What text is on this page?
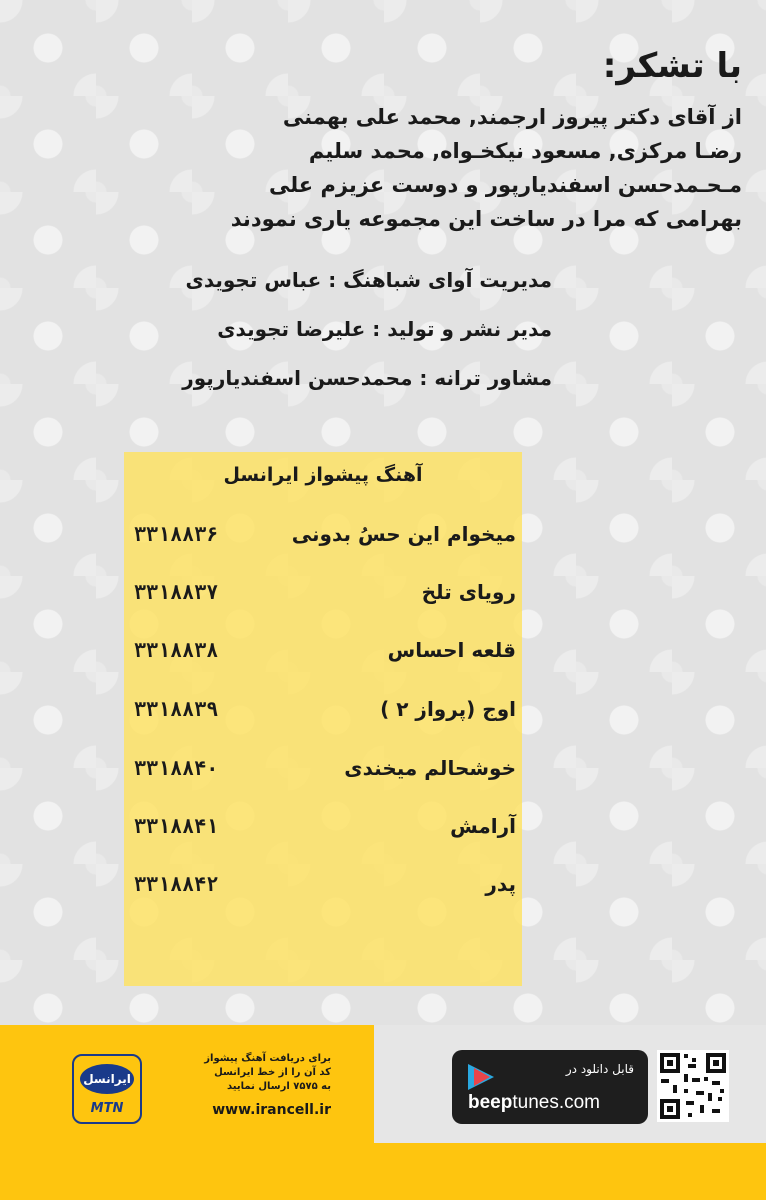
با تشکر:

از آقای دکتر پیروز ارجمند, محمد علی بهمنی

رضـا مرکزی, مسعود نیکخـواه, محمد سلیم

مـحـمدحسن اسفندیارپور و دوست عزیزم علی

بهرامی که مرا در ساخت این مجموعه یاری نمودند

مدیریت آوای شباهنگ : عباس تجویدی
مدیر نشر و تولید : علیرضا تجویدی
مشاور ترانه : محمدحسن اسفندیارپور
آهنگ پیشواز ایرانسل
میخوام این حسُ بدونی
۳۳۱۸۸۳۶
رویای تلخ
۳۳۱۸۸۳۷
قلعه احساس
۳۳۱۸۸۳۸
اوج (پرواز ۲ )
۳۳۱۸۸۳۹
خوشحالم میخندی
۳۳۱۸۸۴۰
آرامش
۳۳۱۸۸۴۱
پدر
۳۳۱۸۸۴۲
ایرانسل
MTN
برای دریافت آهنگ پیشواز
کد آن را از خط ایرانسل
به ۷۵۷۵ ارسال نمایید
www.irancell.ir
قابل دانلود در
beeptunes.com
